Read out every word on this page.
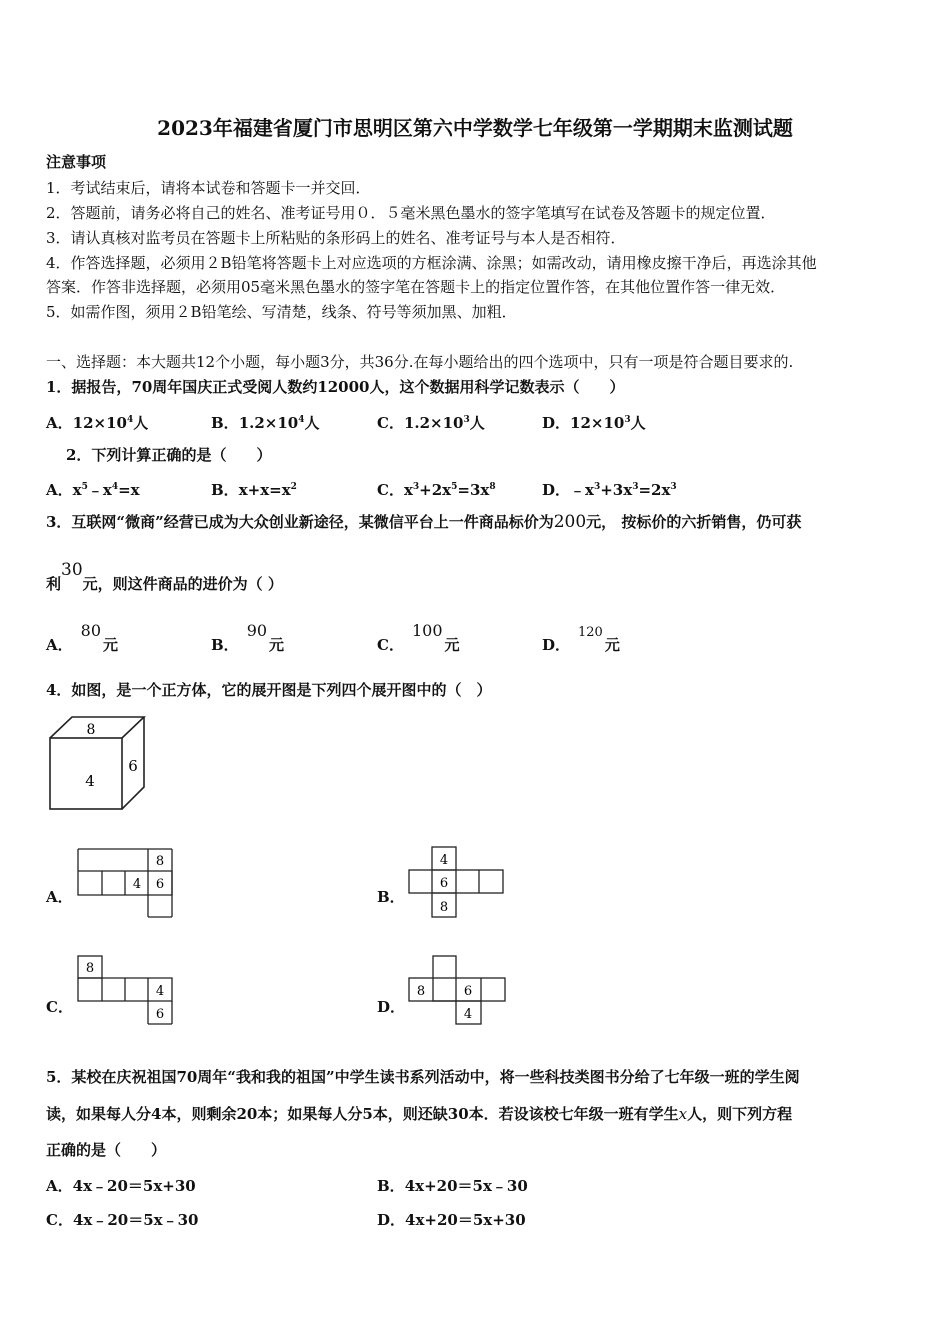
2023年福建省厦门市思明区第六中学数学七年级第一学期期末监测试题
注意事项
1．考试结束后，请将本试卷和答题卡一并交回．
2．答题前，请务必将自己的姓名、准考证号用０．５毫米黑色墨水的签字笔填写在试卷及答题卡的规定位置．
3．请认真核对监考员在答题卡上所粘贴的条形码上的姓名、准考证号与本人是否相符．
4．作答选择题，必须用２B铅笔将答题卡上对应选项的方框涂满、涂黑；如需改动，请用橡皮擦干净后，再选涂其他
答案．作答非选择题，必须用05毫米黑色墨水的签字笔在答题卡上的指定位置作答，在其他位置作答一律无效．
5．如需作图，须用２B铅笔绘、写清楚，线条、符号等须加黑、加粗．
一、选择题：本大题共12个小题，每小题3分，共36分.在每小题给出的四个选项中，只有一项是符合题目要求的.
1．据报告，70周年国庆正式受阅人数约12000人，这个数据用科学记数表示（　　）
A．$12\times 10^4$人	B．$1.2\times 10^4$人	C．$1.2\times 10^3$人	D．$12\times 10^3$人
2．下列计算正确的是（　　）
A．$x^5﹣x^4=x$	B．$x+x=x^2$	C．$x^3+2x^5=3x^8$	D．$﹣x^3+3x^3=2x^3$
3．互联网“微商”经营已成为大众创业新途径，某微信平台上一件商品标价为200元， 按标价的六折销售，仍可获
利30元，则这件商品的进价为（ ）
A．80元	B．90元	C．100元	D．120元
4．如图，是一个正方体，它的展开图是下列四个展开图中的（　）
8
4
6
A．
8
4 6
B．
4
6
8
C．
8
4
6	D．
8	6
4
5．某校在庆祝祖国70周年“我和我的祖国”中学生读书系列活动中，将一些科技类图书分给了七年级一班的学生阅
读，如果每人分4本，则剩余20本；如果每人分5本，则还缺30本．若设该校七年级一班有学生x人，则下列方程
正确的是（　　）
A．4x﹣20＝5x+30	B．4x+20＝5x﹣30
C．4x﹣20＝5x﹣30	D．4x+20＝5x+30
